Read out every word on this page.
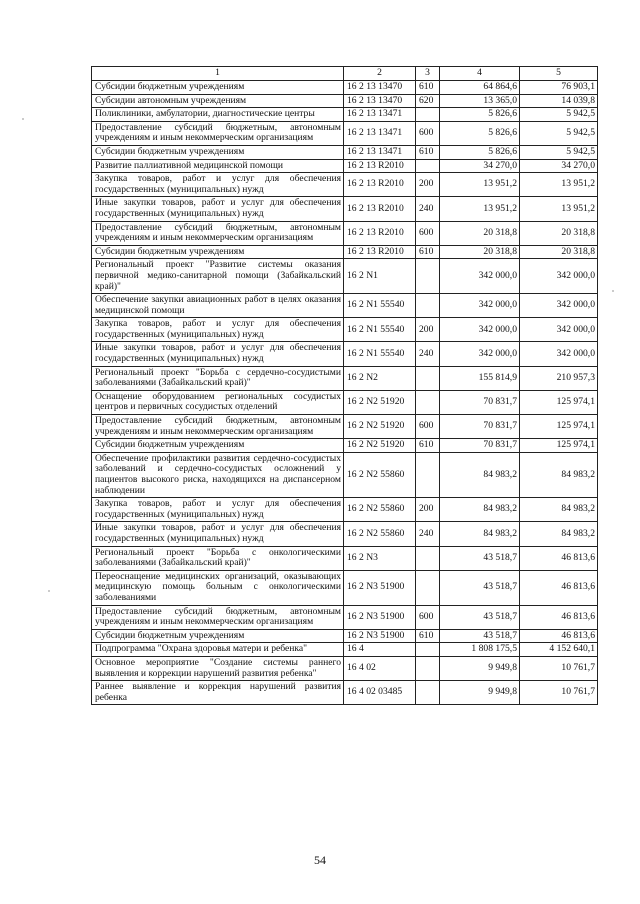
1	2	3	4	5
Субсидии бюджетным учреждениям	16 2 13 13470	610	64 864,6	76 903,1
Субсидии автономным учреждениям	16 2 13 13470	620	13 365,0	14 039,8
Поликлиники, амбулатории, диагностические центры	16 2 13 13471		5 826,6	5 942,5
Предоставление субсидий бюджетным, автономным учреждениям и иным некоммерческим организациям	16 2 13 13471	600	5 826,6	5 942,5
Субсидии бюджетным учреждениям	16 2 13 13471	610	5 826,6	5 942,5
Развитие паллиативной медицинской помощи	16 2 13 R2010		34 270,0	34 270,0
Закупка товаров, работ и услуг для обеспечения государственных (муниципальных) нужд	16 2 13 R2010	200	13 951,2	13 951,2
Иные закупки товаров, работ и услуг для обеспечения государственных (муниципальных) нужд	16 2 13 R2010	240	13 951,2	13 951,2
Предоставление субсидий бюджетным, автономным учреждениям и иным некоммерческим организациям	16 2 13 R2010	600	20 318,8	20 318,8
Субсидии бюджетным учреждениям	16 2 13 R2010	610	20 318,8	20 318,8
Региональный проект "Развитие системы оказания первичной медико-санитарной помощи (Забайкальский край)"	16 2 N1		342 000,0	342 000,0
Обеспечение закупки авиационных работ в целях оказания медицинской помощи	16 2 N1 55540		342 000,0	342 000,0
Закупка товаров, работ и услуг для обеспечения государственных (муниципальных) нужд	16 2 N1 55540	200	342 000,0	342 000,0
Иные закупки товаров, работ и услуг для обеспечения государственных (муниципальных) нужд	16 2 N1 55540	240	342 000,0	342 000,0
Региональный проект "Борьба с сердечно-сосудистыми заболеваниями (Забайкальский край)"	16 2 N2		155 814,9	210 957,3
Оснащение оборудованием региональных сосудистых центров и первичных сосудистых отделений	16 2 N2 51920		70 831,7	125 974,1
Предоставление субсидий бюджетным, автономным учреждениям и иным некоммерческим организациям	16 2 N2 51920	600	70 831,7	125 974,1
Субсидии бюджетным учреждениям	16 2 N2 51920	610	70 831,7	125 974,1
Обеспечение профилактики развития сердечно-сосудистых заболеваний и сердечно-сосудистых осложнений у пациентов высокого риска, находящихся на диспансерном наблюдении	16 2 N2 55860		84 983,2	84 983,2
Закупка товаров, работ и услуг для обеспечения государственных (муниципальных) нужд	16 2 N2 55860	200	84 983,2	84 983,2
Иные закупки товаров, работ и услуг для обеспечения государственных (муниципальных) нужд	16 2 N2 55860	240	84 983,2	84 983,2
Региональный проект "Борьба с онкологическими заболеваниями (Забайкальский край)"	16 2 N3		43 518,7	46 813,6
Переоснащение медицинских организаций, оказывающих медицинскую помощь больным с онкологическими заболеваниями	16 2 N3 51900		43 518,7	46 813,6
Предоставление субсидий бюджетным, автономным учреждениям и иным некоммерческим организациям	16 2 N3 51900	600	43 518,7	46 813,6
Субсидии бюджетным учреждениям	16 2 N3 51900	610	43 518,7	46 813,6
Подпрограмма "Охрана здоровья матери и ребенка"	16 4		1 808 175,5	4 152 640,1
Основное мероприятие "Создание системы раннего выявления и коррекции нарушений развития ребенка"	16 4 02		9 949,8	10 761,7
Раннее выявление и коррекция нарушений развития ребенка	16 4 02 03485		9 949,8	10 761,7
54
